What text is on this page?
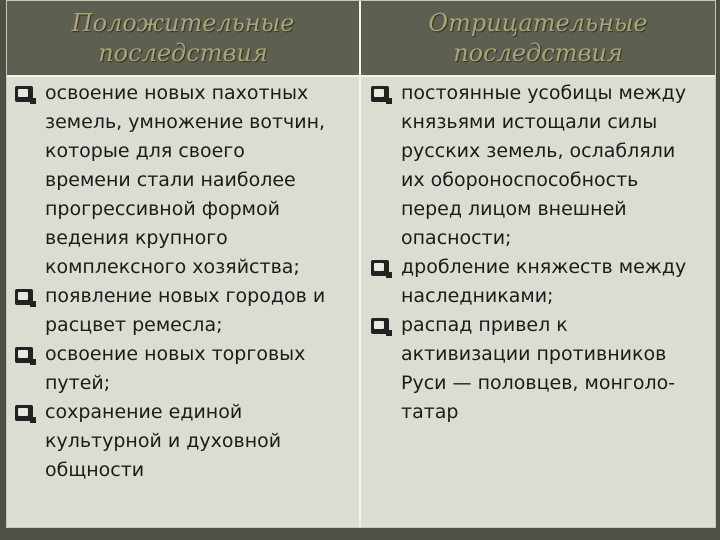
Положительные последствия
Отрицательные последствия
освоение новых пахотных
земель, умножение вотчин,
которые для своего
времени стали наиболее
прогрессивной формой
ведения крупного
комплексного хозяйства;
появление новых городов и
расцвет ремесла;
освоение новых торговых
путей;
сохранение единой
культурной и духовной
общности
постоянные усобицы между
князьями истощали силы
русских земель, ослабляли
их обороноспособность
перед лицом внешней
опасности;
дробление княжеств между
наследниками;
распад привел к
активизации противников
Руси — половцев, монголо-
татар
